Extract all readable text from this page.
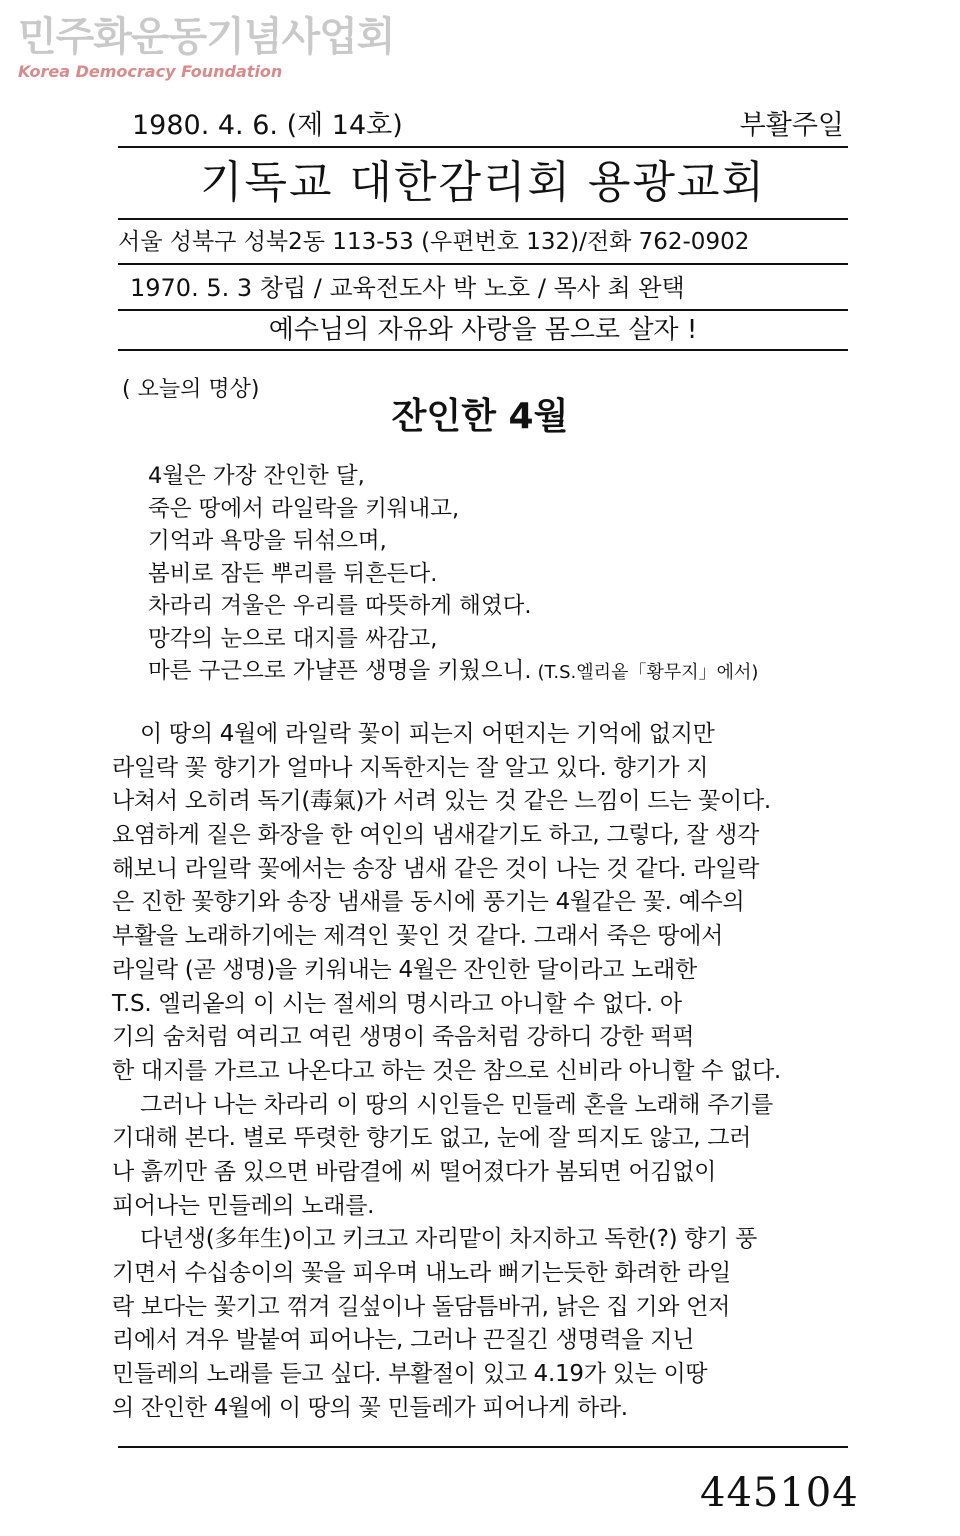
민주화운동기념사업회
Korea Democracy Foundation
1980. 4. 6. (제 14호)	부활주일
기독교 대한감리회 용광교회
서울 성북구 성북2동 113-53 (우편번호 132)/전화 762-0902
1970. 5. 3 창립 / 교육전도사 박 노호 / 목사 최 완택
예수님의 자유와 사랑을 몸으로 살자 !
( 오늘의 명상)
잔인한 4월
4월은 가장 잔인한 달,
죽은 땅에서 라일락을 키워내고,
기억과 욕망을 뒤섞으며,
봄비로 잠든 뿌리를 뒤흔든다.
차라리 겨울은 우리를 따뜻하게 해였다.
망각의 눈으로 대지를 싸감고,
마른 구근으로 가냘픈 생명을 키웠으니. (T.S.엘리옽「황무지」에서)
이 땅의 4월에 라일락 꽃이 피는지 어떤지는 기억에 없지만
라일락 꽃 향기가 얼마나 지독한지는 잘 알고 있다. 향기가 지
나쳐서 오히려 독기(毒氣)가 서려 있는 것 같은 느낌이 드는 꽃이다.
요염하게 짙은 화장을 한 여인의 냄새같기도 하고, 그렇다, 잘 생각
해보니 라일락 꽃에서는 송장 냄새 같은 것이 나는 것 같다. 라일락
은 진한 꽃향기와 송장 냄새를 동시에 풍기는 4월같은 꽃. 예수의
부활을 노래하기에는 제격인 꽃인 것 같다. 그래서 죽은 땅에서
라일락 (곧 생명)을 키워내는 4월은 잔인한 달이라고 노래한
T.S. 엘리옽의 이 시는 절세의 명시라고 아니할 수 없다. 아
기의 숨처럼 여리고 여린 생명이 죽음처럼 강하디 강한 퍽퍽
한 대지를 가르고 나온다고 하는 것은 참으로 신비라 아니할 수 없다.
그러나 나는 차라리 이 땅의 시인들은 민들레 혼을 노래해 주기를
기대해 본다. 별로 뚜렷한 향기도 없고, 눈에 잘 띄지도 않고, 그러
나 흙끼만 좀 있으면 바람결에 씨 떨어졌다가 봄되면 어김없이
피어나는 민들레의 노래를.
다년생(多年生)이고 키크고 자리맡이 차지하고 독한(?) 향기 풍
기면서 수십송이의 꽃을 피우며 내노라 뻐기는듯한 화려한 라일
락 보다는 꽃기고 꺾겨 길섶이나 돌담틈바귀, 낡은 집 기와 언저
리에서 겨우 발붙여 피어나는, 그러나 끈질긴 생명력을 지닌
민들레의 노래를 듣고 싶다. 부활절이 있고 4.19가 있는 이땅
의 잔인한 4월에 이 땅의 꽃 민들레가 피어나게 하라.
445104
